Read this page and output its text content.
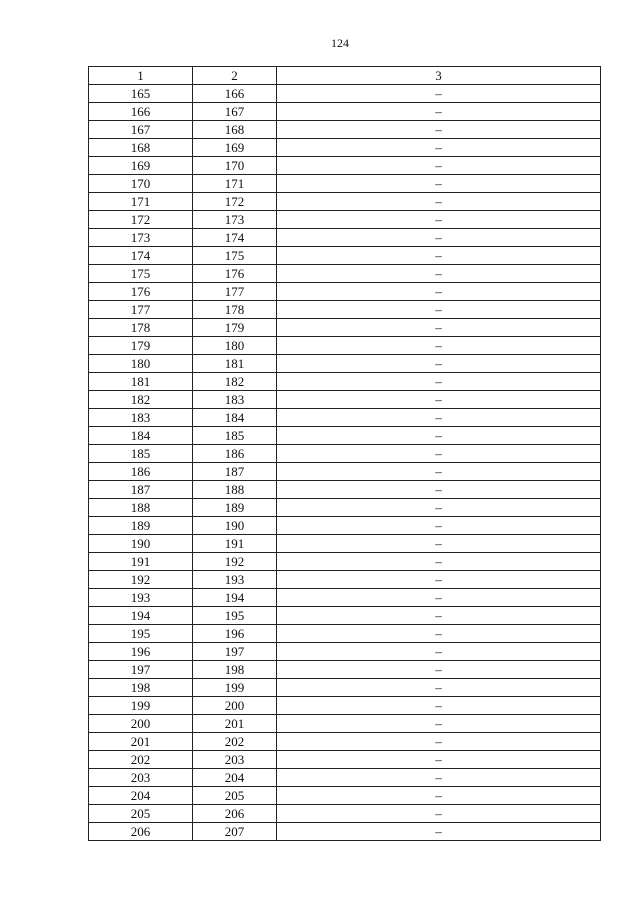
124
1	2	3
165	166	–
166	167	–
167	168	–
168	169	–
169	170	–
170	171	–
171	172	–
172	173	–
173	174	–
174	175	–
175	176	–
176	177	–
177	178	–
178	179	–
179	180	–
180	181	–
181	182	–
182	183	–
183	184	–
184	185	–
185	186	–
186	187	–
187	188	–
188	189	–
189	190	–
190	191	–
191	192	–
192	193	–
193	194	–
194	195	–
195	196	–
196	197	–
197	198	–
198	199	–
199	200	–
200	201	–
201	202	–
202	203	–
203	204	–
204	205	–
205	206	–
206	207	–
